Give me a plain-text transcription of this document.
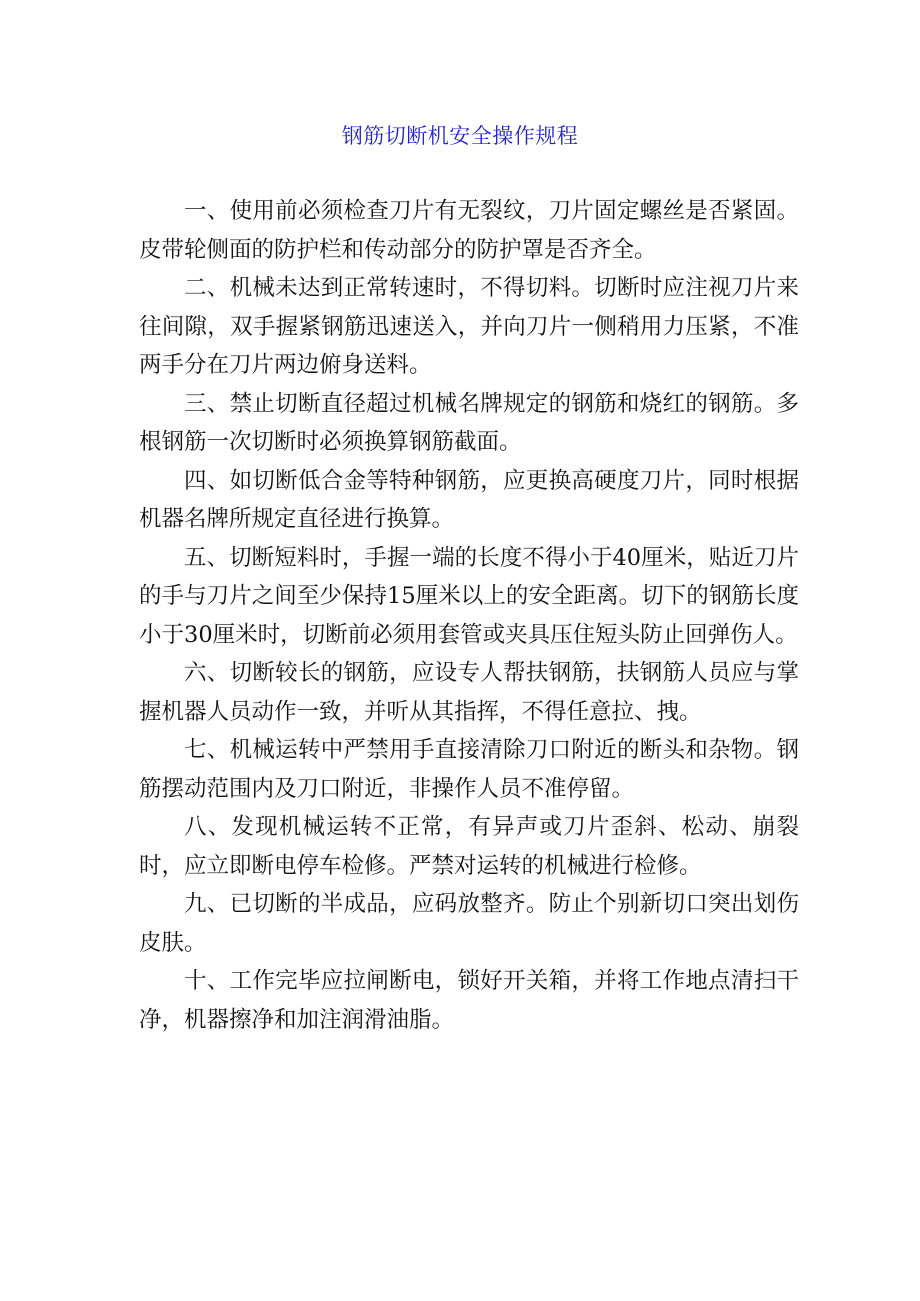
钢筋切断机安全操作规程

一、使用前必须检查刀片有无裂纹，刀片固定螺丝是否紧固。皮带轮侧面的防护栏和传动部分的防护罩是否齐全。

二、机械未达到正常转速时，不得切料。切断时应注视刀片来往间隙，双手握紧钢筋迅速送入，并向刀片一侧稍用力压紧，不准两手分在刀片两边俯身送料。

三、禁止切断直径超过机械名牌规定的钢筋和烧红的钢筋。多根钢筋一次切断时必须换算钢筋截面。

四、如切断低合金等特种钢筋，应更换高硬度刀片，同时根据机器名牌所规定直径进行换算。

五、切断短料时，手握一端的长度不得小于40厘米，贴近刀片的手与刀片之间至少保持15厘米以上的安全距离。切下的钢筋长度小于30厘米时，切断前必须用套管或夹具压住短头防止回弹伤人。

六、切断较长的钢筋，应设专人帮扶钢筋，扶钢筋人员应与掌握机器人员动作一致，并听从其指挥，不得任意拉、拽。

七、机械运转中严禁用手直接清除刀口附近的断头和杂物。钢筋摆动范围内及刀口附近，非操作人员不准停留。

八、发现机械运转不正常，有异声或刀片歪斜、松动、崩裂时，应立即断电停车检修。严禁对运转的机械进行检修。

九、已切断的半成品，应码放整齐。防止个别新切口突出划伤皮肤。

十、工作完毕应拉闸断电，锁好开关箱，并将工作地点清扫干净，机器擦净和加注润滑油脂。
